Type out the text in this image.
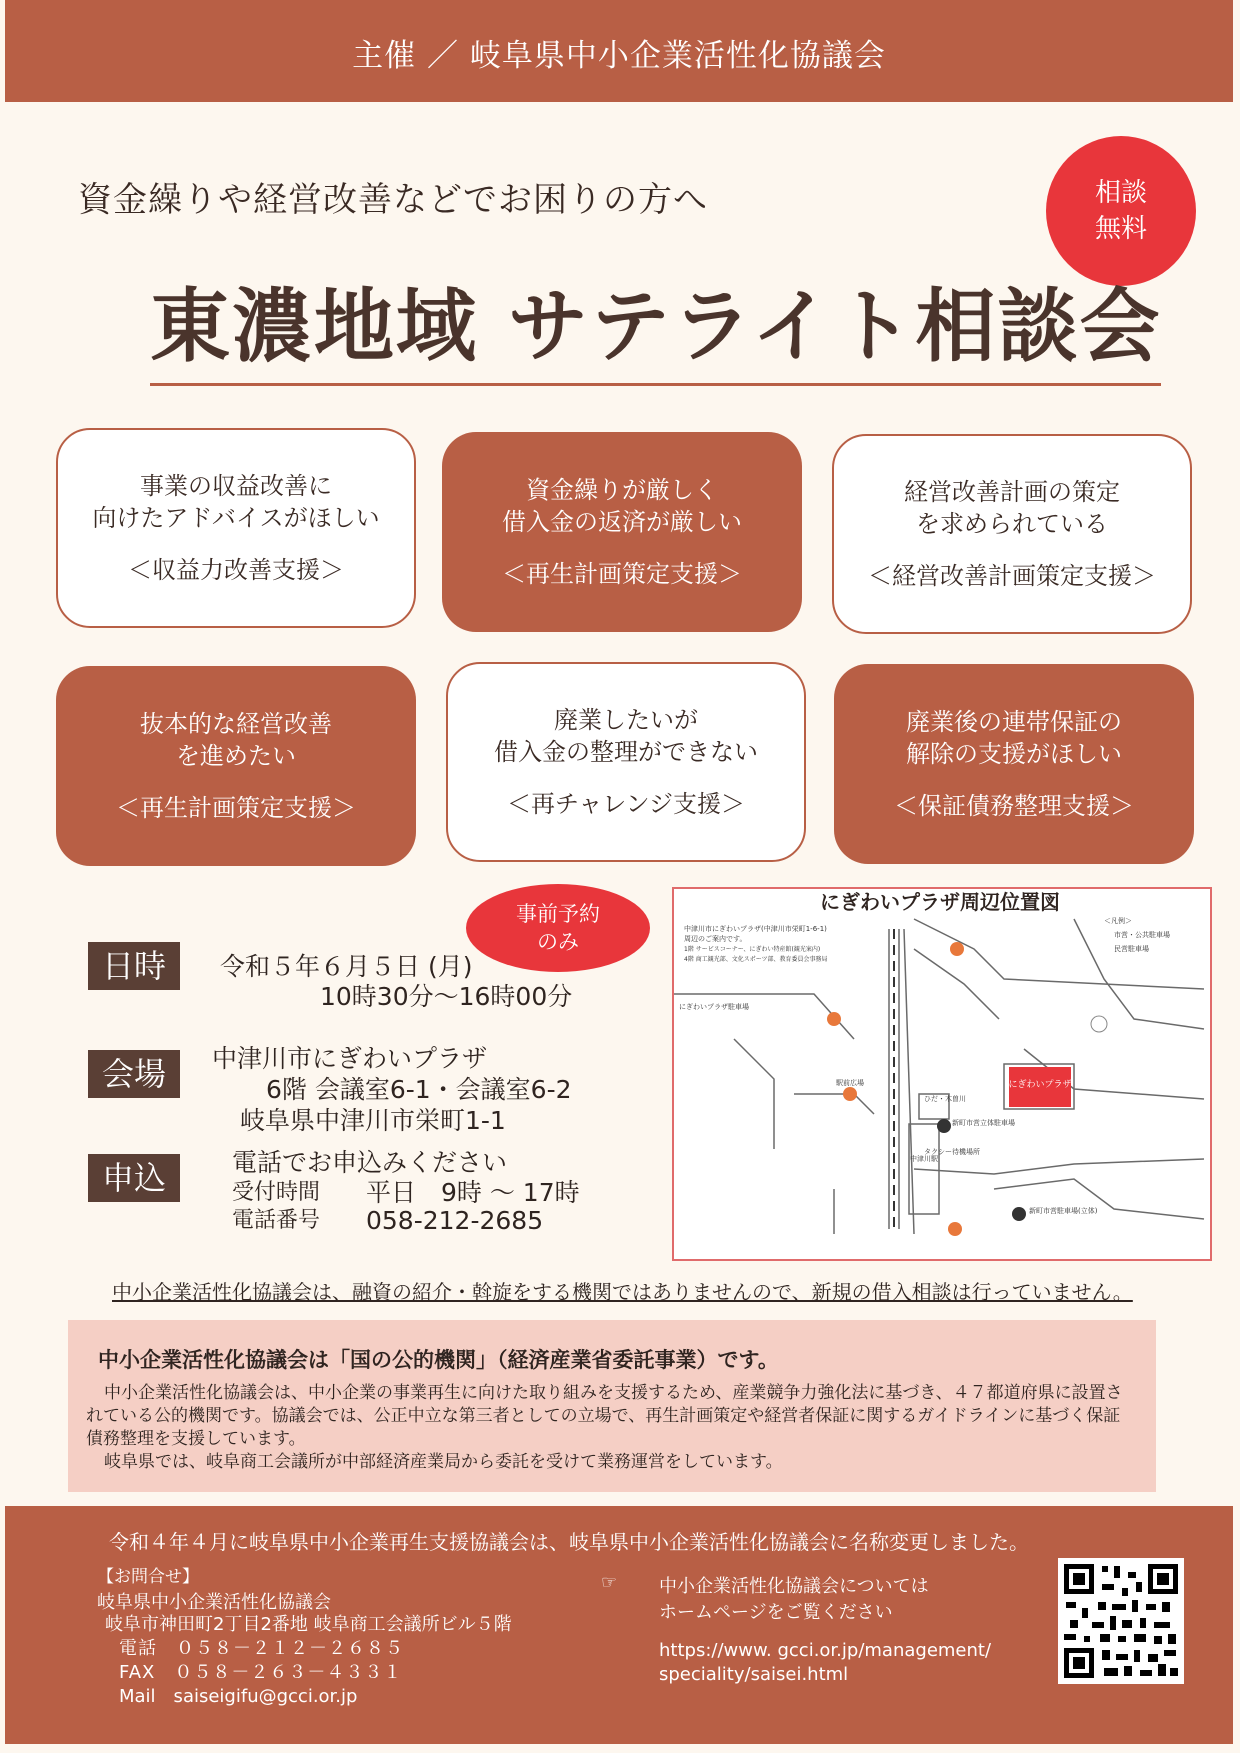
主催 ／ 岐阜県中小企業活性化協議会
相談
無料
資金繰りや経営改善などでお困りの方へ
東濃地域 サテライト相談会
事業の収益改善に
向けたアドバイスがほしい
＜収益力改善支援＞
資金繰りが厳しく
借入金の返済が厳しい
＜再生計画策定支援＞
経営改善計画の策定
を求められている
＜経営改善計画策定支援＞
抜本的な経営改善
を進めたい
＜再生計画策定支援＞
廃業したいが
借入金の整理ができない
＜再チャレンジ支援＞
廃業後の連帯保証の
解除の支援がほしい
＜保証債務整理支援＞
事前予約
のみ
日時	令和５年６月５日 (月)
10時30分～16時00分
会場	中津川市にぎわいプラザ
6階 会議室6-1・会議室6-2
岐阜県中津川市栄町1-1
申込	電話でお申込みください
受付時間 平日　9時 ～ 17時
電話番号 058-212-2685
にぎわいプラザ
にぎわいプラザ駐車場
新町市営駐車場(立体)
ひだ・木曽川
新町市営立体駐車場
タクシー待機場所
中津川駅
駅前広場
中津川市にぎわいプラザ(中津川市栄町1-6-1)
周辺のご案内です。
1階 サービスコーナー、にぎわい特産館(観光案内)
4階 商工観光部、文化スポーツ部、教育委員会事務局
＜凡例＞
市営・公共駐車場
民営駐車場
にぎわいプラザ周辺位置図
中小企業活性化協議会は、融資の紹介・斡旋をする機関ではありませんので、新規の借入相談は行っていません。
中小企業活性化協議会は「国の公的機関」（経済産業省委託事業）です。
中小企業活性化協議会は、中小企業の事業再生に向けた取り組みを支援するため、産業競争力強化法に基づき、４７都道府県に設置されている公的機関です。協議会では、公正中立な第三者としての立場で、再生計画策定や経営者保証に関するガイドラインに基づく保証債務整理を支援しています。
岐阜県では、岐阜商工会議所が中部経済産業局から委託を受けて業務運営をしています。
令和４年４月に岐阜県中小企業再生支援協議会は、岐阜県中小企業活性化協議会に名称変更しました。
【お問合せ】
岐阜県中小企業活性化協議会
岐阜市神田町2丁目2番地 岐阜商工会議所ビル５階
電話　０５８－２１２－２６８５
FAX　０５８－２６３－４３３１
Mail　saiseigifu@gcci.or.jp
☞ 中小企業活性化協議会については
ホームページをご覧ください
https://www. gcci.or.jp/management/
speciality/saisei.html
